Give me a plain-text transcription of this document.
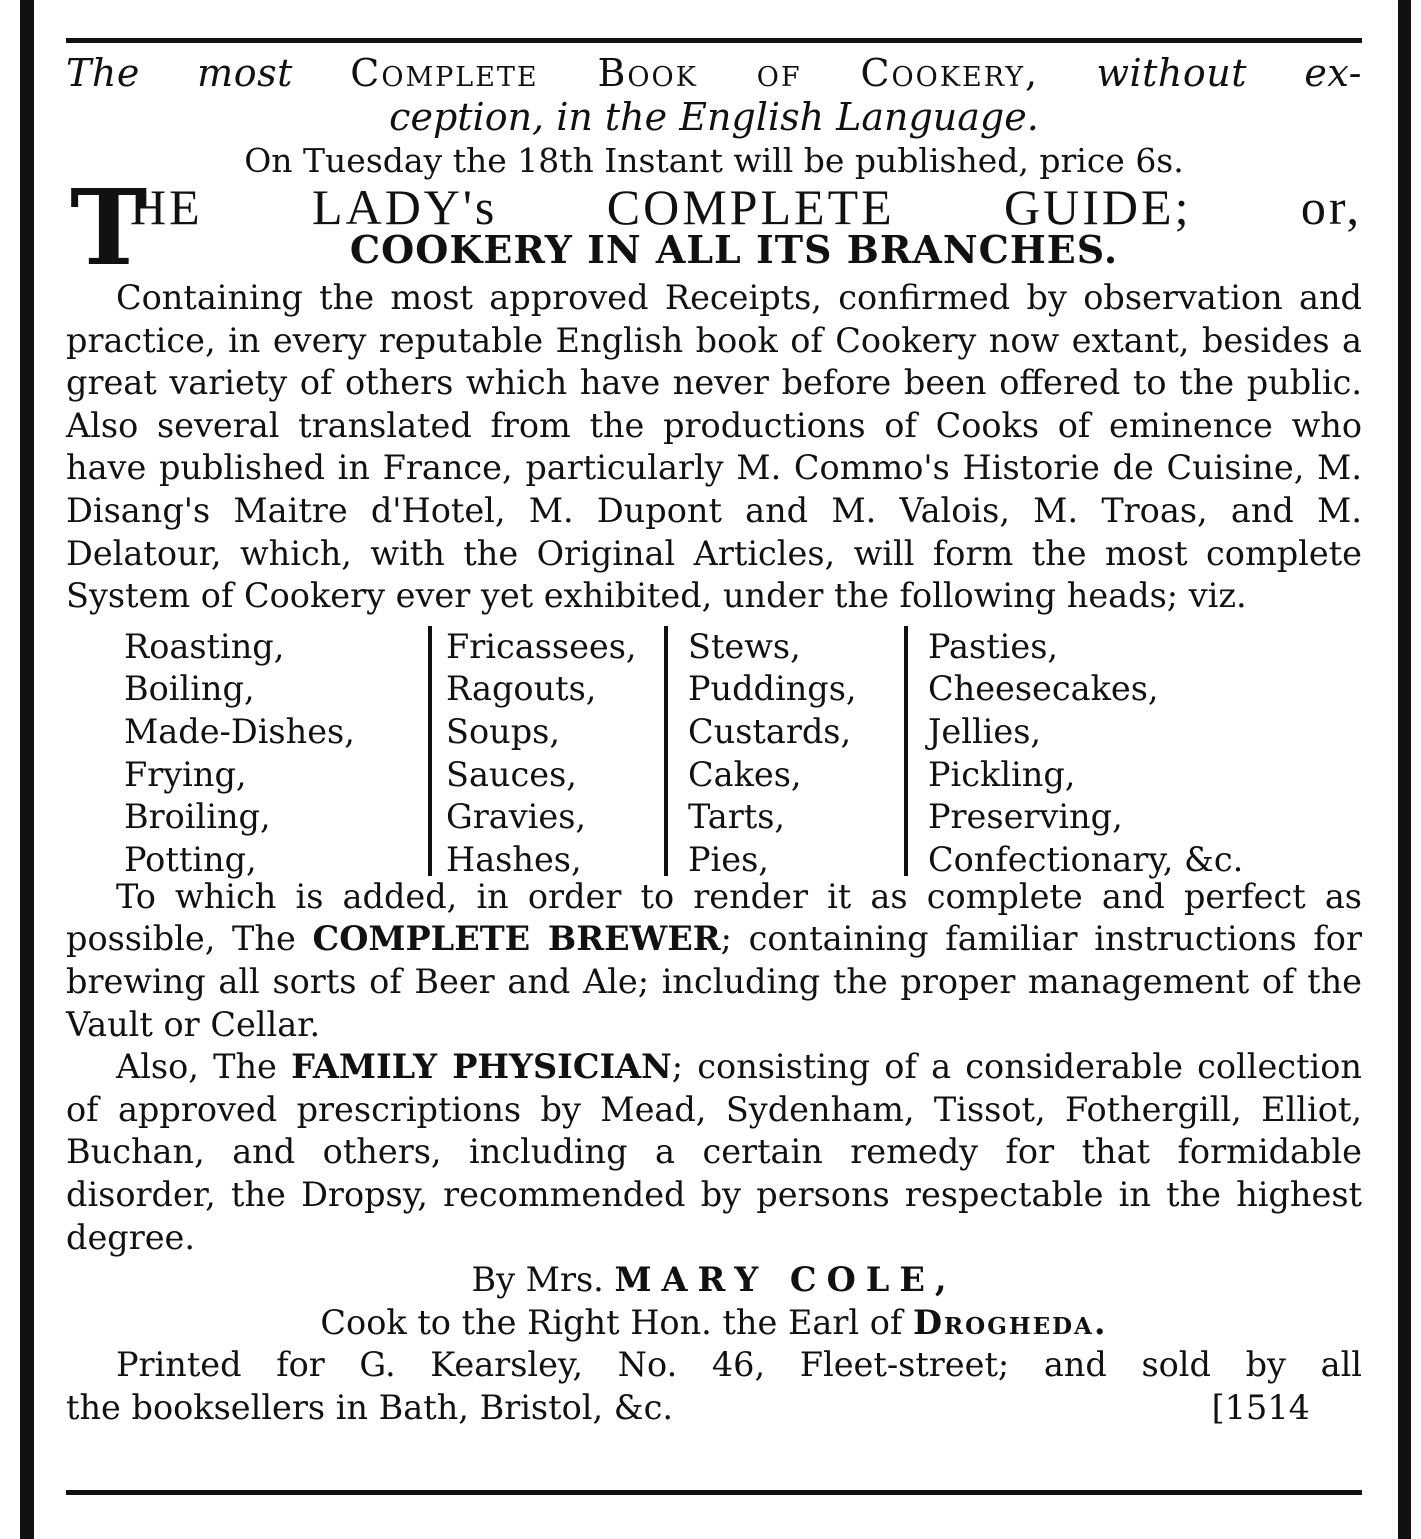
The most Complete Book of Cookery, without ex-
ception, in the English Language.
On Tuesday the 18th Instant will be published, price 6s.
T
HE LADY's COMPLETE GUIDE; or,
COOKERY IN ALL ITS BRANCHES.

Containing the most approved Receipts, confirmed by observation and practice, in every reputable English book of Cookery now extant, besides a great variety of others which have never before been offered to the public. Also several translated from the productions of Cooks of eminence who have published in France, particularly M. Commo's Historie de Cuisine, M. Disang's Maitre d'Hotel, M. Dupont and M. Valois, M. Troas, and M. Delatour, which, with the Original Articles, will form the most complete System of Cookery ever yet exhibited, under the following heads; viz.

Roasting,
Boiling,
Made-Dishes,
Frying,
Broiling,
Potting,
Fricassees,
Ragouts,
Soups,
Sauces,
Gravies,
Hashes,
Stews,
Puddings,
Custards,
Cakes,
Tarts,
Pies,
Pasties,
Cheesecakes,
Jellies,
Pickling,
Preserving,
Confectionary, &c.

To which is added, in order to render it as complete and perfect as possible, The COMPLETE BREWER; containing familiar instructions for brewing all sorts of Beer and Ale; including the proper management of the Vault or Cellar.

Also, The FAMILY PHYSICIAN; consisting of a considerable collection of approved prescriptions by Mead, Sydenham, Tissot, Fothergill, Elliot, Buchan, and others, including a certain remedy for that formidable disorder, the Dropsy, recommended by persons respectable in the highest degree.

By Mrs. MARY COLE,
Cook to the Right Hon. the Earl of Drogheda.

Printed for G. Kearsley, No. 46, Fleet-street; and sold by all

the booksellers in Bath, Bristol, &c.	[1514
